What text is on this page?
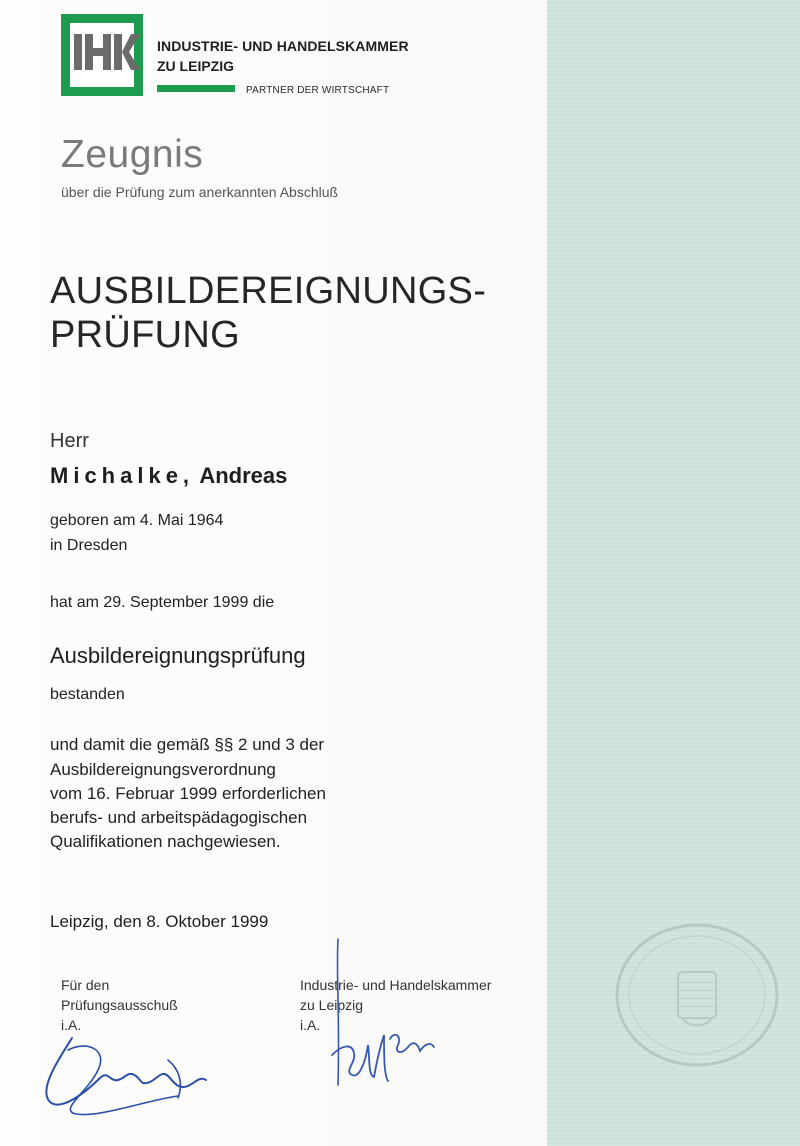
INDUSTRIE- UND HANDELSKAMMER
ZU LEIPZIG
PARTNER DER WIRTSCHAFT
Zeugnis
über die Prüfung zum anerkannten Abschluß
AUSBILDEREIGNUNGS-
PRÜFUNG
Herr
Michalke, Andreas
geboren am 4. Mai 1964
in Dresden
hat am 29. September 1999 die
Ausbildereignungsprüfung
bestanden
und damit die gemäß §§ 2 und 3 der
Ausbildereignungsverordnung
vom 16. Februar 1999 erforderlichen
berufs- und arbeitspädagogischen
Qualifikationen nachgewiesen.
Leipzig, den 8. Oktober 1999
Für den
Prüfungsausschuß
i.A.
Industrie- und Handelskammer
zu Leipzig
i.A.
